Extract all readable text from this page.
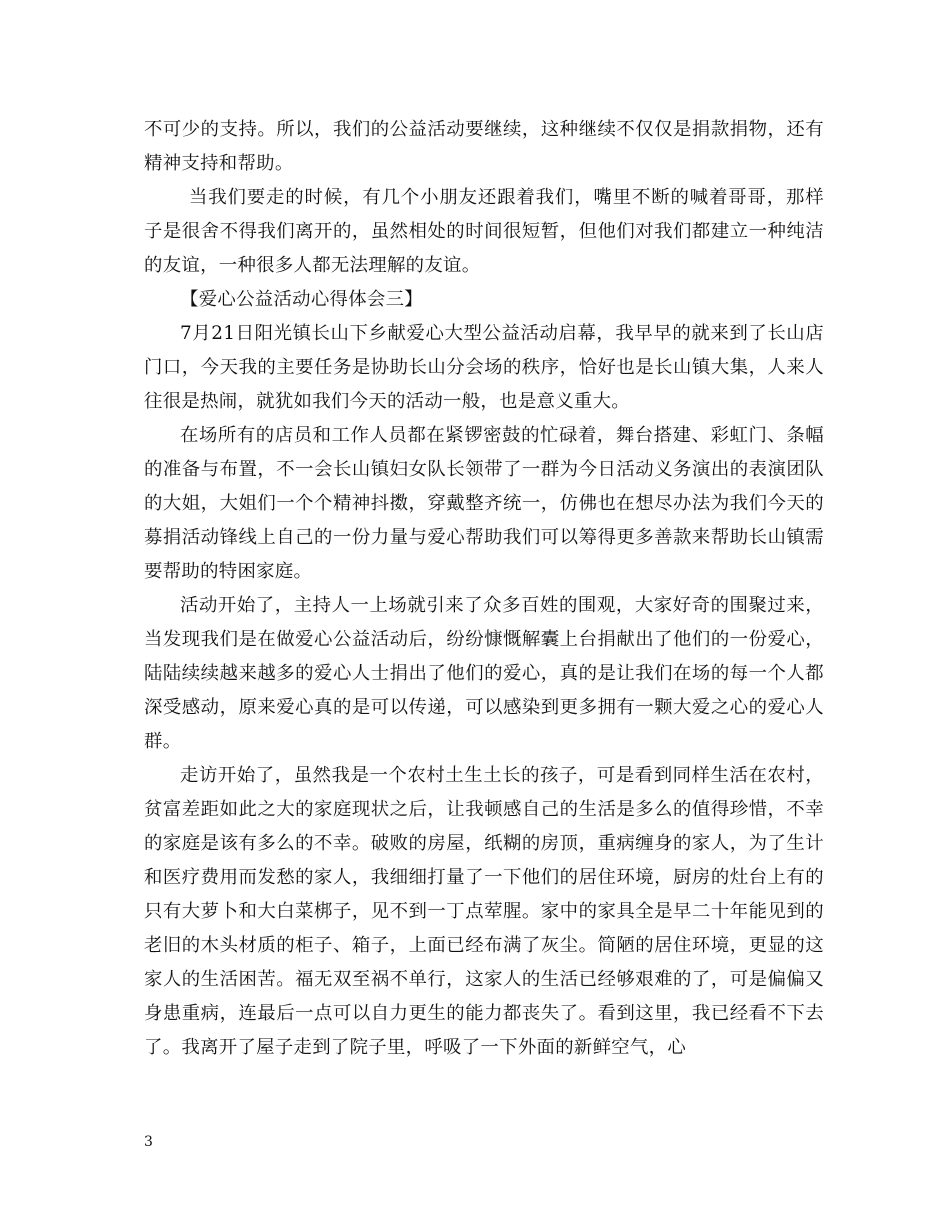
不可少的支持。所以，我们的公益活动要继续，这种继续不仅仅是捐款捐物，还有精神支持和帮助。

当我们要走的时候，有几个小朋友还跟着我们，嘴里不断的喊着哥哥，那样子是很舍不得我们离开的，虽然相处的时间很短暂，但他们对我们都建立一种纯洁的友谊，一种很多人都无法理解的友谊。

【爱心公益活动心得体会三】

7月21日阳光镇长山下乡献爱心大型公益活动启幕，我早早的就来到了长山店门口，今天我的主要任务是协助长山分会场的秩序，恰好也是长山镇大集，人来人往很是热闹，就犹如我们今天的活动一般，也是意义重大。

在场所有的店员和工作人员都在紧锣密鼓的忙碌着，舞台搭建、彩虹门、条幅的准备与布置，不一会长山镇妇女队长领带了一群为今日活动义务演出的表演团队的大姐，大姐们一个个精神抖擞，穿戴整齐统一，仿佛也在想尽办法为我们今天的募捐活动锋线上自己的一份力量与爱心帮助我们可以筹得更多善款来帮助长山镇需要帮助的特困家庭。

活动开始了，主持人一上场就引来了众多百姓的围观，大家好奇的围聚过来，当发现我们是在做爱心公益活动后，纷纷慷慨解囊上台捐献出了他们的一份爱心，陆陆续续越来越多的爱心人士捐出了他们的爱心，真的是让我们在场的每一个人都深受感动，原来爱心真的是可以传递，可以感染到更多拥有一颗大爱之心的爱心人群。

走访开始了，虽然我是一个农村土生土长的孩子，可是看到同样生活在农村，贫富差距如此之大的家庭现状之后，让我顿感自己的生活是多么的值得珍惜，不幸的家庭是该有多么的不幸。破败的房屋，纸糊的房顶，重病缠身的家人，为了生计和医疗费用而发愁的家人，我细细打量了一下他们的居住环境，厨房的灶台上有的只有大萝卜和大白菜梆子，见不到一丁点荤腥。家中的家具全是早二十年能见到的老旧的木头材质的柜子、箱子，上面已经布满了灰尘。简陋的居住环境，更显的这家人的生活困苦。福无双至祸不单行，这家人的生活已经够艰难的了，可是偏偏又身患重病，连最后一点可以自力更生的能力都丧失了。看到这里，我已经看不下去了。我离开了屋子走到了院子里，呼吸了一下外面的新鲜空气，心

3
